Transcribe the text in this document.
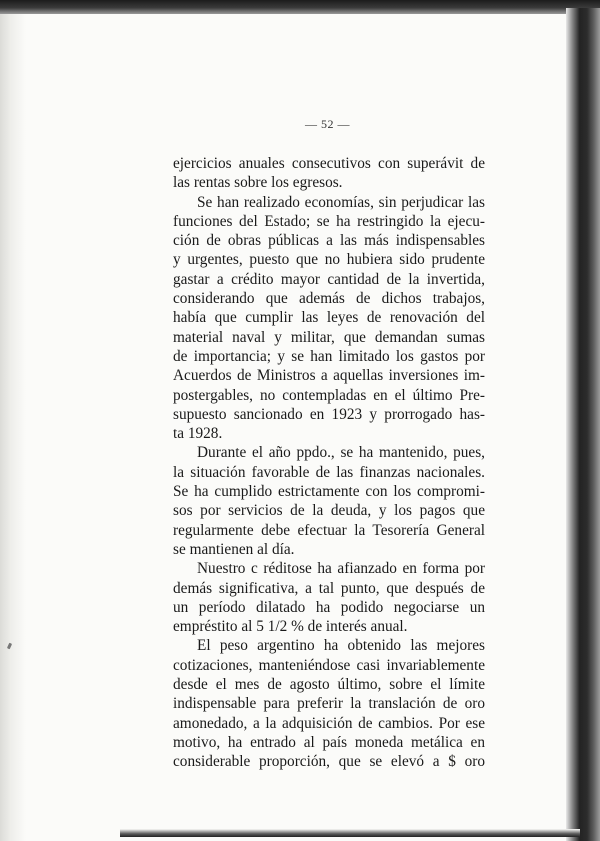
— 52 —

ejercicios anuales consecutivos con superávit de
las rentas sobre los egresos.

Se han realizado economías, sin perjudicar las
funciones del Estado; se ha restringido la ejecu-
ción de obras públicas a las más indispensables
y urgentes, puesto que no hubiera sido prudente
gastar a crédito mayor cantidad de la invertida,
considerando que además de dichos trabajos,
había que cumplir las leyes de renovación del
material naval y militar, que demandan sumas
de importancia; y se han limitado los gastos por
Acuerdos de Ministros a aquellas inversiones im-
postergables, no contempladas en el último Pre-
supuesto sancionado en 1923 y prorrogado has-
ta 1928.

Durante el año ppdo., se ha mantenido, pues,
la situación favorable de las finanzas nacionales.
Se ha cumplido estrictamente con los compromi-
sos por servicios de la deuda, y los pagos que
regularmente debe efectuar la Tesorería General
se mantienen al día.

Nuestro c réditose ha afianzado en forma por
demás significativa, a tal punto, que después de
un período dilatado ha podido negociarse un
empréstito al 5 1/2 % de interés anual.

El peso argentino ha obtenido las mejores
cotizaciones, manteniéndose casi invariablemente
desde el mes de agosto último, sobre el límite
indispensable para preferir la translación de oro
amonedado, a la adquisición de cambios. Por ese
motivo, ha entrado al país moneda metálica en
considerable proporción, que se elevó a $ oro
